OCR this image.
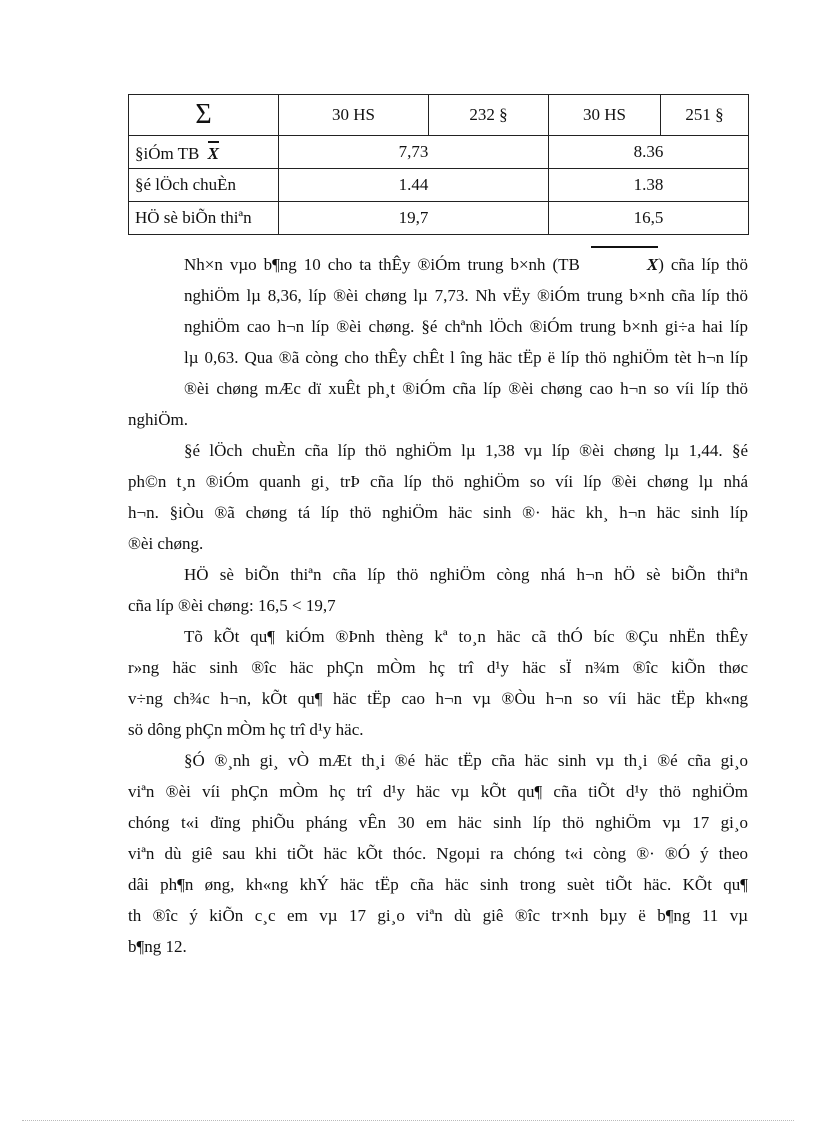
Σ	30 HS	232 §	30 HS	251 §
§iÓm TB X	7,73		8.36	
§é lÖch chuÈn	1.44		1.38	
HÖ sè biÕn thiªn	19,7		16,5	

Nh×n vµo b¶ng 10 cho ta thÊy ®iÓm trung b×nh (TB	X) cña líp thö
nghiÖm lµ 8,36, líp ®èi chøng lµ 7,73. Nh vËy ®iÓm trung b×nh cña líp thö
nghiÖm cao h¬n líp ®èi chøng. §é chªnh lÖch ®iÓm trung b×nh gi÷a hai líp
lµ 0,63. Qua ®ã còng cho thÊy chÊt l îng häc tËp ë líp thö nghiÖm tèt h¬n líp
®èi chøng mÆc dï xuÊt ph¸t ®iÓm cña líp ®èi chøng cao h¬n so víi líp thö
nghiÖm.

§é lÖch chuÈn cña líp thö nghiÖm lµ 1,38 vµ líp ®èi chøng lµ 1,44. §é
ph©n t¸n ®iÓm quanh gi¸ trÞ cña líp thö nghiÖm so víi líp ®èi chøng lµ nhá
h¬n. §iÒu ®ã chøng tá líp thö nghiÖm häc sinh ®· häc kh¸ h¬n häc sinh líp
®èi chøng.

HÖ sè biÕn thiªn cña líp thö nghiÖm còng nhá h¬n hÖ sè biÕn thiªn
cña líp ®èi chøng: 16,5 < 19,7

Tõ kÕt qu¶ kiÓm ®Þnh thèng kª to¸n häc cã thÓ bíc ®Çu nhËn thÊy
r»ng häc sinh ®îc häc phÇn mÒm hç trî d¹y häc sÏ n¾m ®îc kiÕn thøc
v÷ng ch¾c h¬n, kÕt qu¶ häc tËp cao h¬n vµ ®Òu h¬n so víi häc tËp kh«ng
sö dông phÇn mÒm hç trî d¹y häc.

§Ó ®¸nh gi¸ vÒ mÆt th¸i ®é häc tËp cña häc sinh vµ th¸i ®é cña gi¸o
viªn ®èi víi phÇn mÒm hç trî d¹y häc vµ kÕt qu¶ cña tiÕt d¹y thö nghiÖm
chóng t«i dïng phiÕu pháng vÊn 30 em häc sinh líp thö nghiÖm vµ 17 gi¸o
viªn dù giê sau khi tiÕt häc kÕt thóc. Ngoµi ra chóng t«i còng ®· ®Ó ý theo
dâi ph¶n øng, kh«ng khÝ häc tËp cña häc sinh trong suèt tiÕt häc. KÕt qu¶
th ®îc ý kiÕn c¸c em vµ 17 gi¸o viªn dù giê ®îc tr×nh bµy ë b¶ng 11 vµ
b¶ng 12.
